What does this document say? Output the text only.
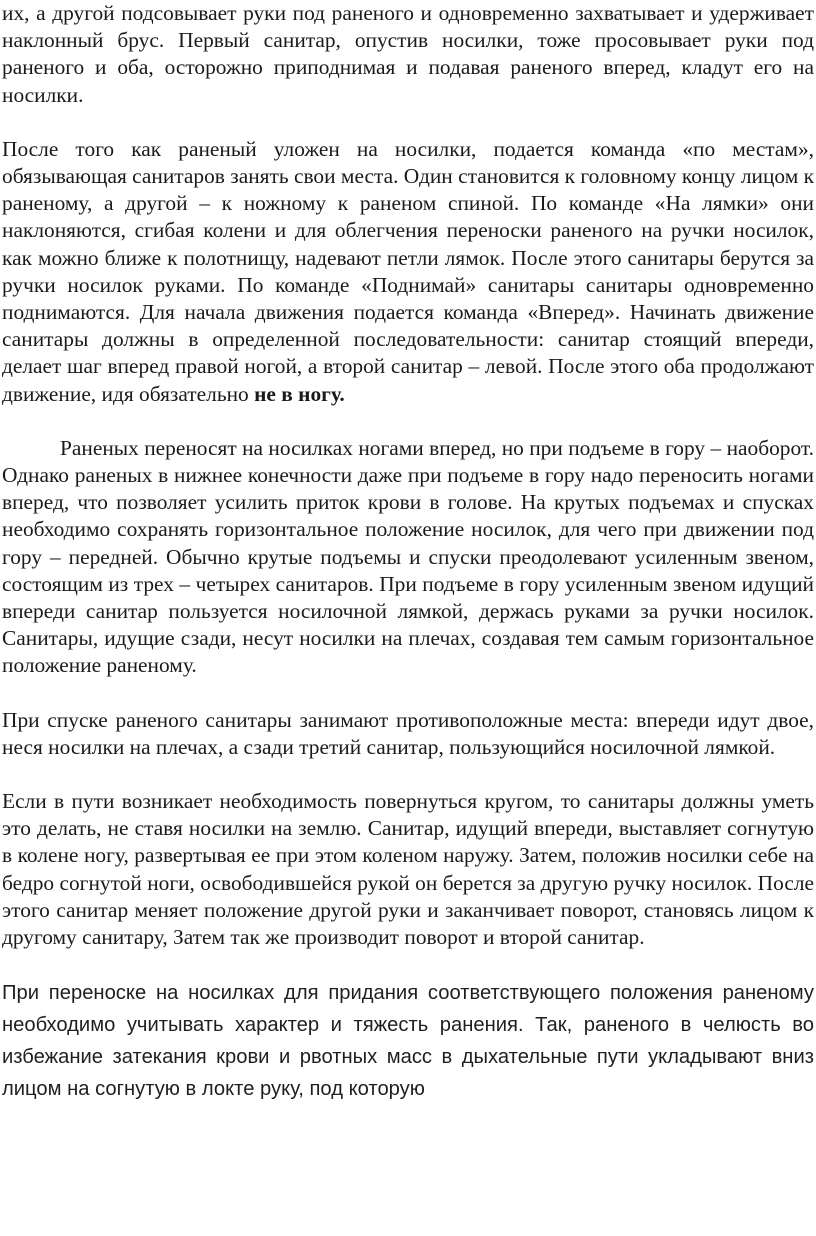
их, а другой подсовывает руки под раненого и одновременно захватывает и удерживает наклонный брус. Первый санитар, опустив носилки, тоже просовывает руки под раненого и оба, осторожно приподнимая и подавая раненого вперед, кладут его на носилки.

После того как раненый уложен на носилки, подается команда «по местам», обязывающая санитаров занять свои места. Один становится к головному концу лицом к раненому, а другой – к ножному к раненом спиной. По команде «На лямки» они наклоняются, сгибая колени и для облегчения переноски раненого на ручки носилок, как можно ближе к полотнищу, надевают петли лямок. После этого санитары берутся за ручки носилок руками. По команде «Поднимай» санитары санитары одновременно поднимаются. Для начала движения подается команда «Вперед». Начинать движение санитары должны в определенной последовательности: санитар стоящий впереди, делает шаг вперед правой ногой, а второй санитар – левой. После этого оба продолжают движение, идя обязательно не в ногу.

Раненых переносят на носилках ногами вперед, но при подъеме в гору – наоборот. Однако раненых в нижнее конечности даже при подъеме в гору надо переносить ногами вперед, что позволяет усилить приток крови в голове. На крутых подъемах и спусках необходимо сохранять горизонтальное положение носилок, для чего при движении под гору – передней. Обычно крутые подъемы и спуски преодолевают усиленным звеном, состоящим из трех – четырех санитаров. При подъеме в гору усиленным звеном идущий впереди санитар пользуется носилочной лямкой, держась руками за ручки носилок. Санитары, идущие сзади, несут носилки на плечах, создавая тем самым горизонтальное положение раненому.

При спуске раненого санитары занимают противоположные места: впереди идут двое, неся носилки на плечах, а сзади третий санитар, пользующийся носилочной лямкой.

Если в пути возникает необходимость повернуться кругом, то санитары должны уметь это делать, не ставя носилки на землю. Санитар, идущий впереди, выставляет согнутую в колене ногу, развертывая ее при этом коленом наружу. Затем, положив носилки себе на бедро согнутой ноги, освободившейся рукой он берется за другую ручку носилок. После этого санитар меняет положение другой руки и заканчивает поворот, становясь лицом к другому санитару, Затем так же производит поворот и второй санитар.

При переноске на носилках для придания соответствующего положения раненому необходимо учитывать характер и тяжесть ранения. Так, раненого в челюсть во избежание затекания крови и рвотных масс в дыхательные пути укладывают вниз лицом на согнутую в локте руку, под которую
